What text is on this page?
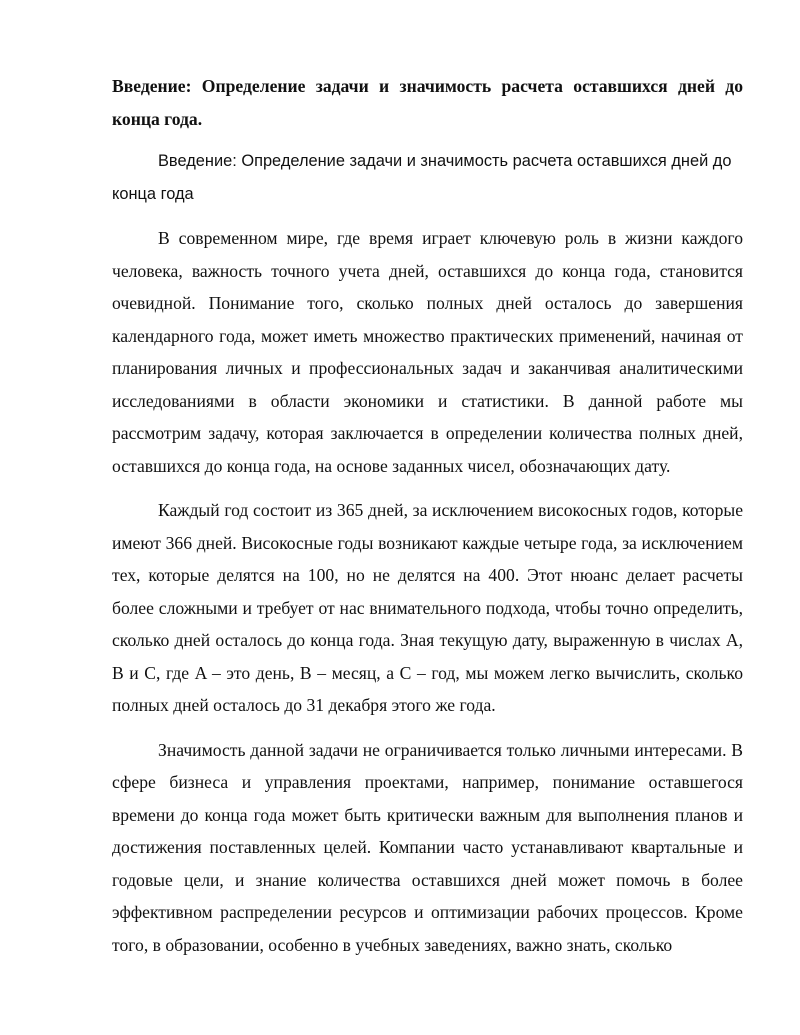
Введение: Определение задачи и значимость расчета оставшихся дней до конца года.

Введение: Определение задачи и значимость расчета оставшихся дней до конца года

В современном мире, где время играет ключевую роль в жизни каждого человека, важность точного учета дней, оставшихся до конца года, становится очевидной. Понимание того, сколько полных дней осталось до завершения календарного года, может иметь множество практических применений, начиная от планирования личных и профессиональных задач и заканчивая аналитическими исследованиями в области экономики и статистики. В данной работе мы рассмотрим задачу, которая заключается в определении количества полных дней, оставшихся до конца года, на основе заданных чисел, обозначающих дату.

Каждый год состоит из 365 дней, за исключением високосных годов, которые имеют 366 дней. Високосные годы возникают каждые четыре года, за исключением тех, которые делятся на 100, но не делятся на 400. Этот нюанс делает расчеты более сложными и требует от нас внимательного подхода, чтобы точно определить, сколько дней осталось до конца года. Зная текущую дату, выраженную в числах A, B и C, где A – это день, B – месяц, а C – год, мы можем легко вычислить, сколько полных дней осталось до 31 декабря этого же года.

Значимость данной задачи не ограничивается только личными интересами. В сфере бизнеса и управления проектами, например, понимание оставшегося времени до конца года может быть критически важным для выполнения планов и достижения поставленных целей. Компании часто устанавливают квартальные и годовые цели, и знание количества оставшихся дней может помочь в более эффективном распределении ресурсов и оптимизации рабочих процессов. Кроме того, в образовании, особенно в учебных заведениях, важно знать, сколько
